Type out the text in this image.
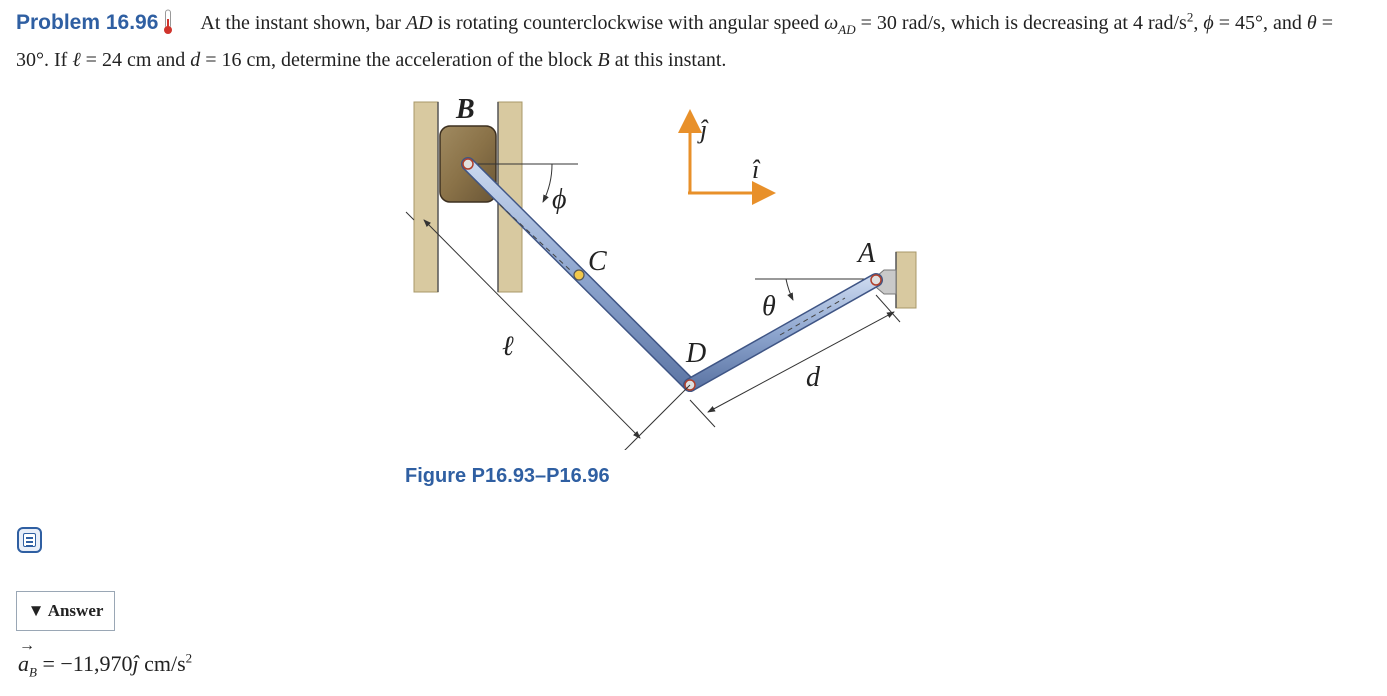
Problem 16.96 At the instant shown, bar AD is rotating counterclockwise with angular speed $\omega_{AD} = 30$ rad/s, which is decreasing at 4 rad/$s^2$, ϕ = 45°, and θ = 30°. If ℓ = 24 cm and d = 16 cm, determine the acceleration of the block B at this instant.
B
C
D
A
ϕ
θ
ℓ
d
î
ĵ
Figure P16.93–P16.96
▼ Answer
→
$a_B$ = −11,970ĵ $cm/s^2$
